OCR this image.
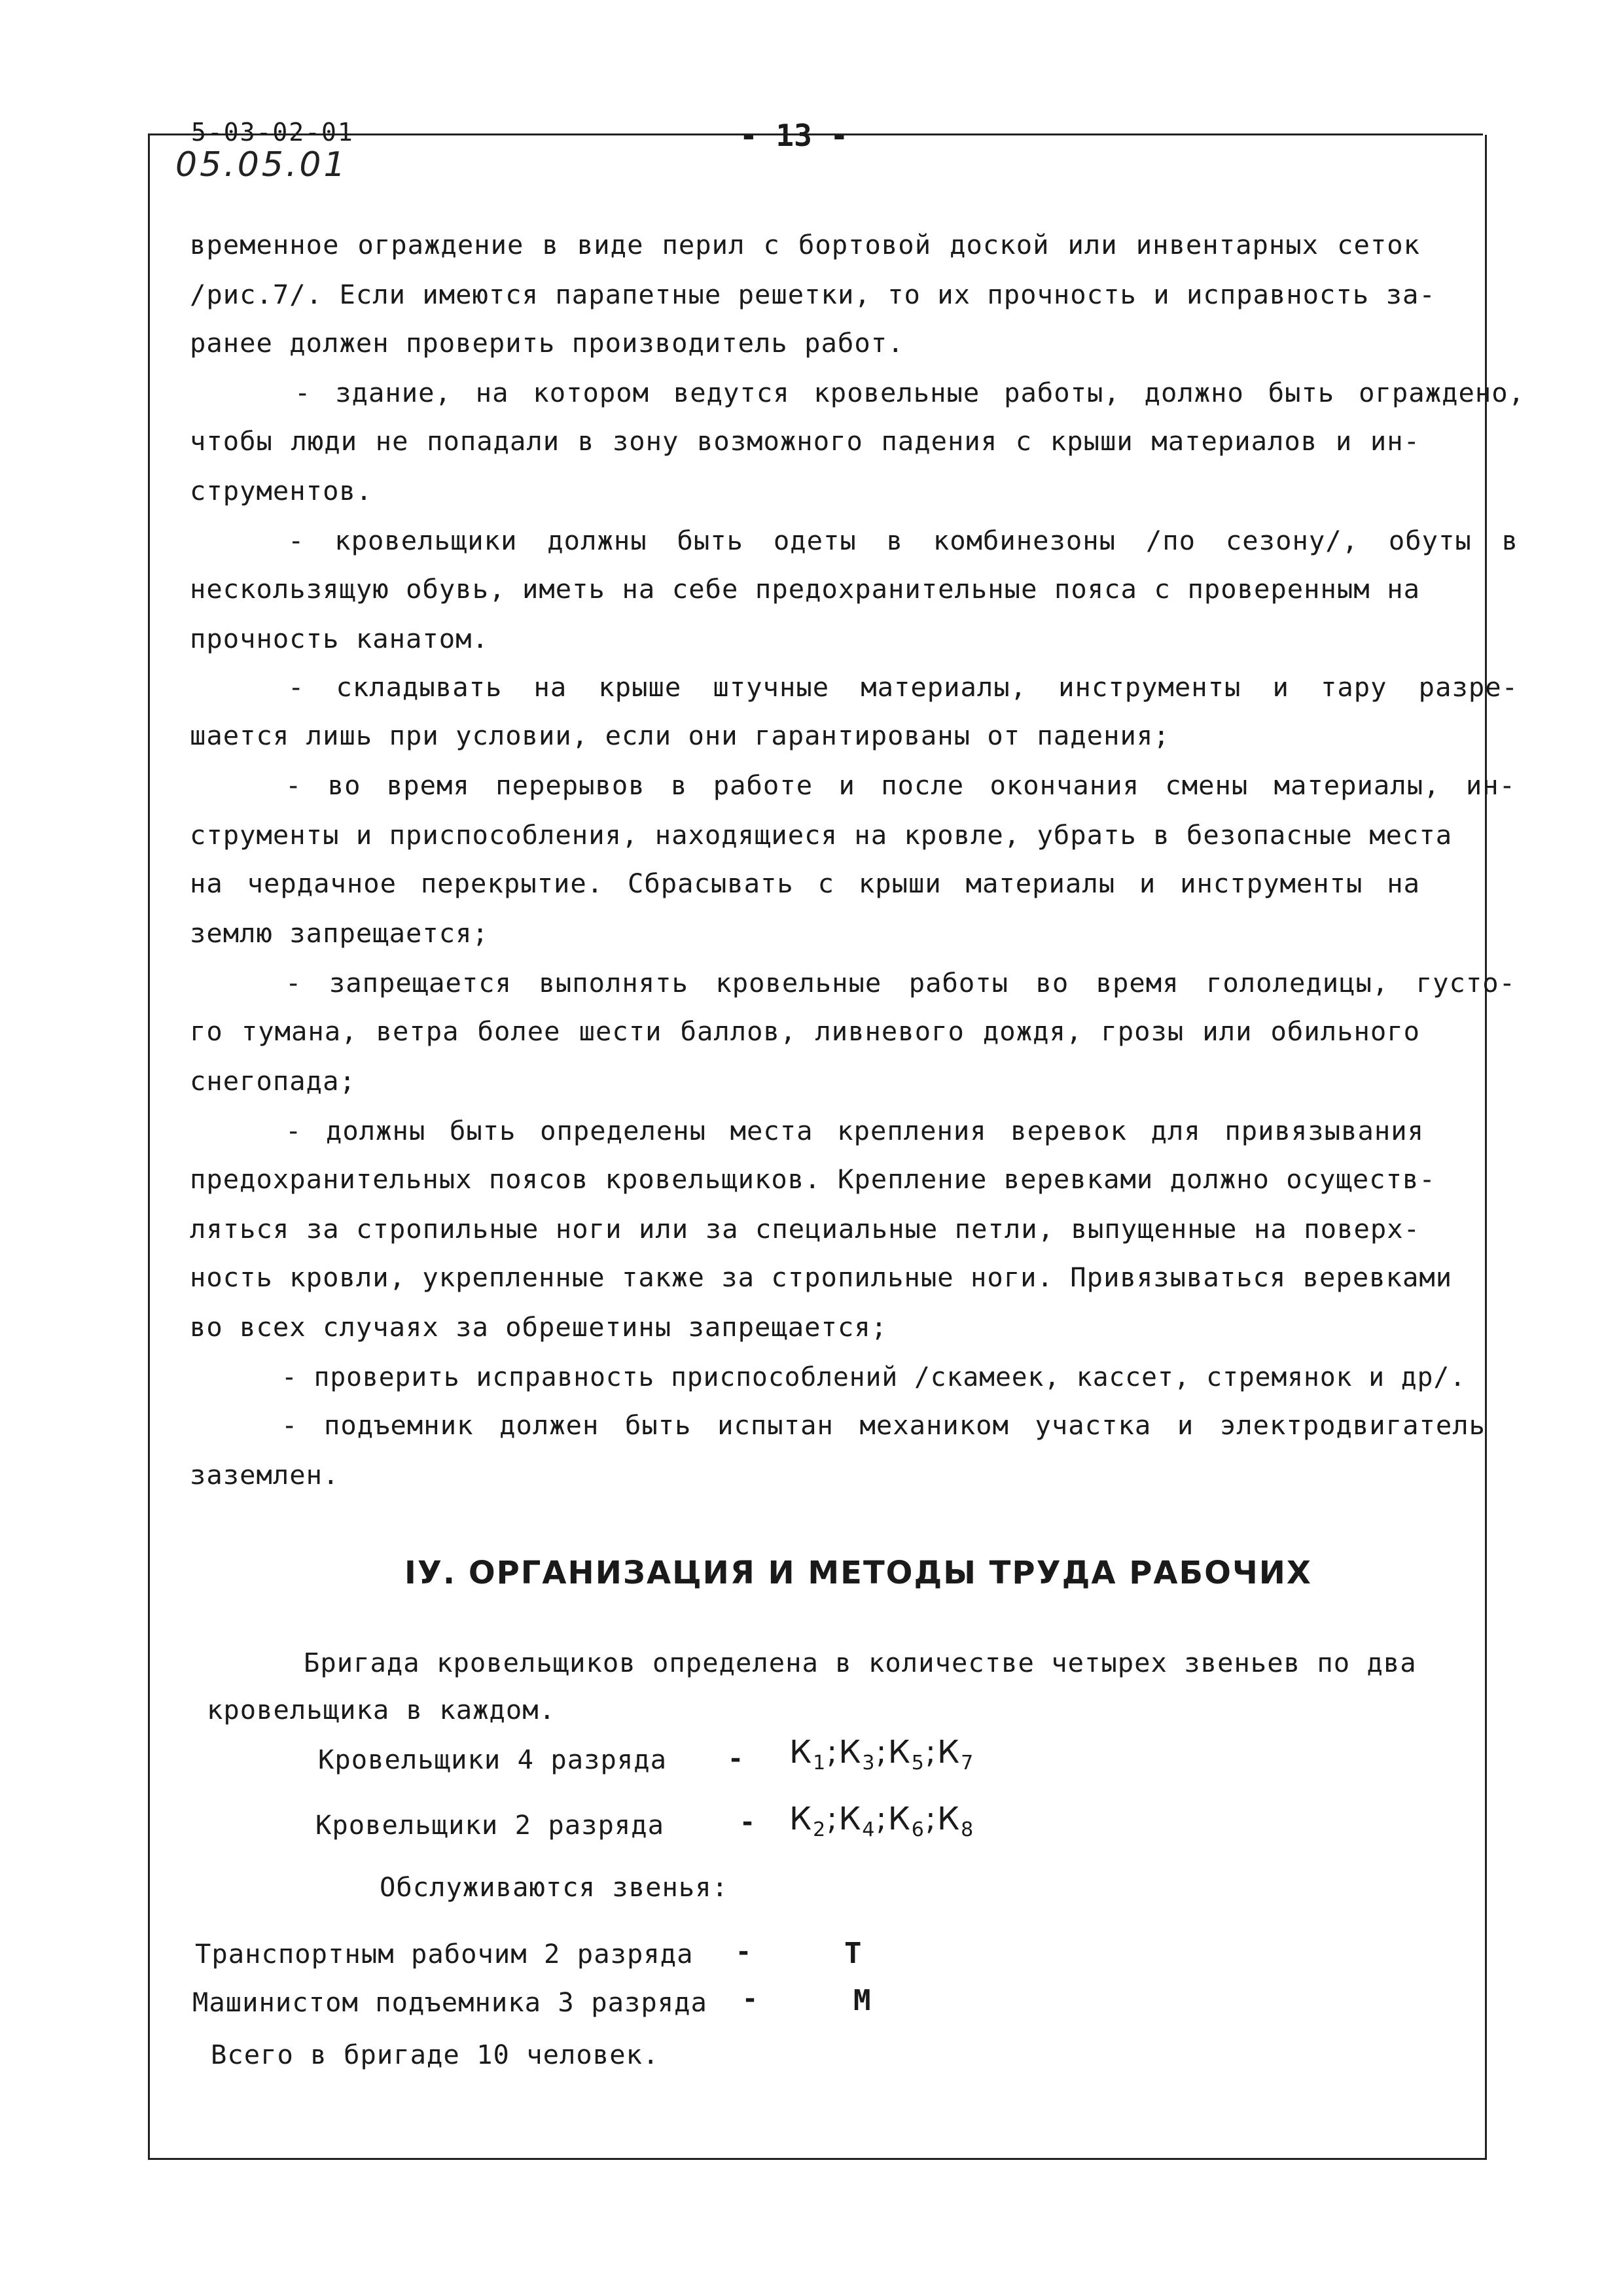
5-03-02-01	- 13 -
05.05.01
временное ограждение в виде перил с бортовой доской или инвентарных сеток
/рис.7/. Если имеются парапетные решетки, то их прочность и исправность за-
ранее должен проверить производитель работ.
- здание, на котором ведутся кровельные работы, должно быть ограждено,
чтобы люди не попадали в зону возможного падения с крыши материалов и ин-
струментов.
- кровельщики должны быть одеты в комбинезоны /по сезону/, обуты в
нескользящую обувь, иметь на себе предохранительные пояса с проверенным на
прочность канатом.
- складывать на крыше штучные материалы, инструменты и тару разре-
шается лишь при условии, если они гарантированы от падения;
- во время перерывов в работе и после окончания смены материалы, ин-
струменты и приспособления, находящиеся на кровле, убрать в безопасные места
на чердачное перекрытие. Сбрасывать с крыши материалы и инструменты на
землю запрещается;
- запрещается выполнять кровельные работы во время гололедицы, густо-
го тумана, ветра более шести баллов, ливневого дождя, грозы или обильного
снегопада;
- должны быть определены места крепления веревок для привязывания
предохранительных поясов кровельщиков. Крепление веревками должно осуществ-
ляться за стропильные ноги или за специальные петли, выпущенные на поверх-
ность кровли, укрепленные также за стропильные ноги. Привязываться веревками
во всех случаях за обрешетины запрещается;
- проверить исправность приспособлений /скамеек, кассет, стремянок и др/.
- подъемник должен быть испытан механиком участка и электродвигатель
заземлен.
IУ. ОРГАНИЗАЦИЯ И МЕТОДЫ ТРУДА РАБОЧИХ
Бригада кровельщиков определена в количестве четырех звеньев по два
кровельщика в каждом.
Кровельщики 4 разряда - $К_1;К_3;К_5;К_7$
Кровельщики 2 разряда	- $К_2;К_4;К_6;К_8$
Обслуживаются звенья:
Транспортным рабочим 2 разряда -	Т
Машинистом подъемника 3 разряда -	М
Всего в бригаде 10 человек.
